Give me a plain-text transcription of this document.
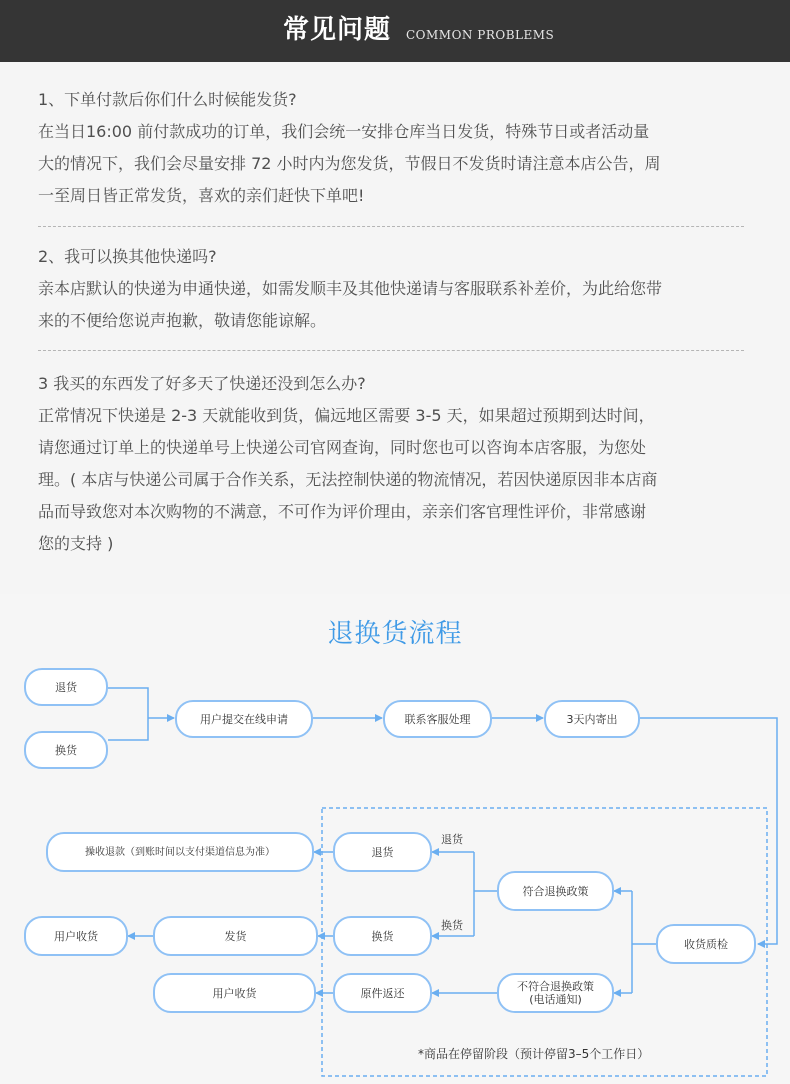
常见问题 COMMON PROBLEMS

1、下单付款后你们什么时候能发货?

在当日16:00 前付款成功的订单，我们会统一安排仓库当日发货，特殊节日或者活动量

大的情况下，我们会尽量安排 72 小时内为您发货，节假日不发货时请注意本店公告，周

一至周日皆正常发货，喜欢的亲们赶快下单吧!

2、我可以换其他快递吗?

亲本店默认的快递为申通快递，如需发顺丰及其他快递请与客服联系补差价，为此给您带

来的不便给您说声抱歉，敬请您能谅解。

3 我买的东西发了好多天了快递还没到怎么办?

正常情况下快递是 2-3 天就能收到货，偏远地区需要 3-5 天，如果超过预期到达时间，

请您通过订单上的快递单号上快递公司官网查询，同时您也可以咨询本店客服，为您处

理。( 本店与快递公司属于合作关系，无法控制快递的物流情况，若因快递原因非本店商

品而导致您对本次购物的不满意，不可作为评价理由，亲亲们客官理性评价，非常感谢

您的支持 )

退换货流程
退货
换货
用户提交在线申请	联系客服处理	3天内寄出
操收退款（到账时间以支付渠道信息为准）	退货
符合退换政策
用户收货	发货	换货
收货质检
用户收货	原件返还	不符合退换政策
(电话通知)
退货
换货
*商品在停留阶段（预计停留3–5个工作日）
